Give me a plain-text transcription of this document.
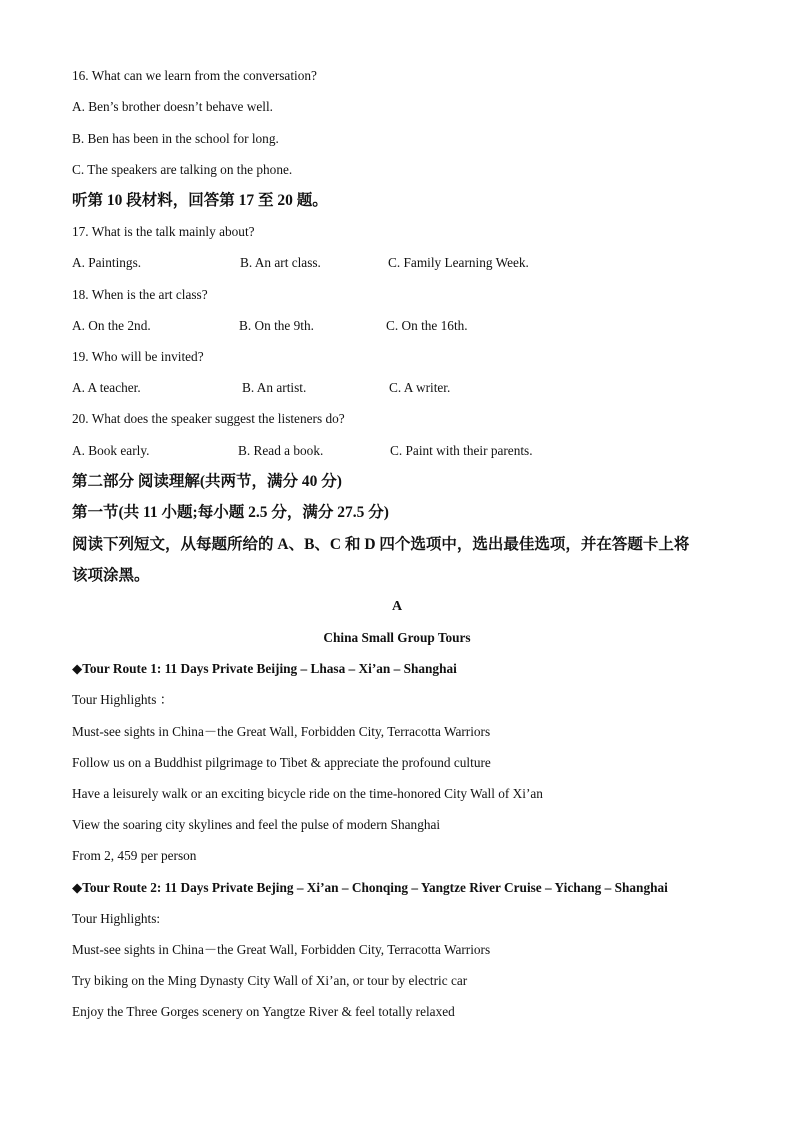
16. What can we learn from the conversation?
A. Ben’s brother doesn’t behave well.
B. Ben has been in the school for long.
C. The speakers are talking on the phone.
听第 10 段材料，回答第 17 至 20 题。
17. What is the talk mainly about?
A. Paintings.	B. An art class.	C. Family Learning Week.
18. When is the art class?
A. On the 2nd.	B. On the 9th.	C. On the 16th.
19. Who will be invited?
A. A teacher.	B. An artist.	C. A writer.
20. What does the speaker suggest the listeners do?
A. Book early.	B. Read a book.	C. Paint with their parents.
第二部分 阅读理解(共两节，满分 40 分)
第一节(共 11 小题;每小题 2.5 分，满分 27.5 分)
阅读下列短文，从每题所给的 A、B、C 和 D 四个选项中，选出最佳选项，并在答题卡上将
该项涂黑。
A
China Small Group Tours
◆Tour Route 1: 11 Days Private Beijing – Lhasa – Xi’an – Shanghai
Tour Highlights ：
Must-see sights in China－the Great Wall, Forbidden City, Terracotta Warriors
Follow us on a Buddhist pilgrimage to Tibet & appreciate the profound culture
Have a leisurely walk or an exciting bicycle ride on the time-honored City Wall of Xi’an
View the soaring city skylines and feel the pulse of modern Shanghai
From 2, 459 per person
◆Tour Route 2: 11 Days Private Bejing – Xi’an – Chonqing – Yangtze River Cruise – Yichang – Shanghai
Tour Highlights:
Must-see sights in China－the Great Wall, Forbidden City, Terracotta Warriors
Try biking on the Ming Dynasty City Wall of Xi’an, or tour by electric car
Enjoy the Three Gorges scenery on Yangtze River & feel totally relaxed
